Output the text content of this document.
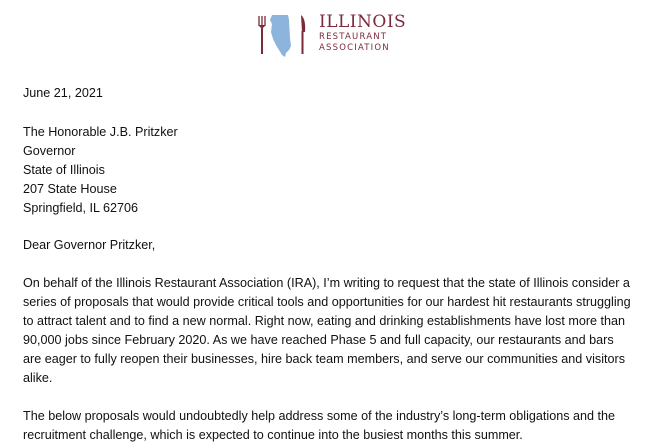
ILLINOIS
RESTAURANT
ASSOCIATION

June 21, 2021

The Honorable J.B. Pritzker
Governor
State of Illinois
207 State House
Springfield, IL 62706

Dear Governor Pritzker,

On behalf of the Illinois Restaurant Association (IRA), I’m writing to request that the state of Illinois consider a series of proposals that would provide critical tools and opportunities for our hardest hit restaurants struggling to attract talent and to find a new normal. Right now, eating and drinking establishments have lost more than 90,000 jobs since February 2020. As we have reached Phase 5 and full capacity, our restaurants and bars are eager to fully reopen their businesses, hire back team members, and serve our communities and visitors alike.

The below proposals would undoubtedly help address some of the industry’s long-term obligations and the recruitment challenge, which is expected to continue into the busiest months this summer.
